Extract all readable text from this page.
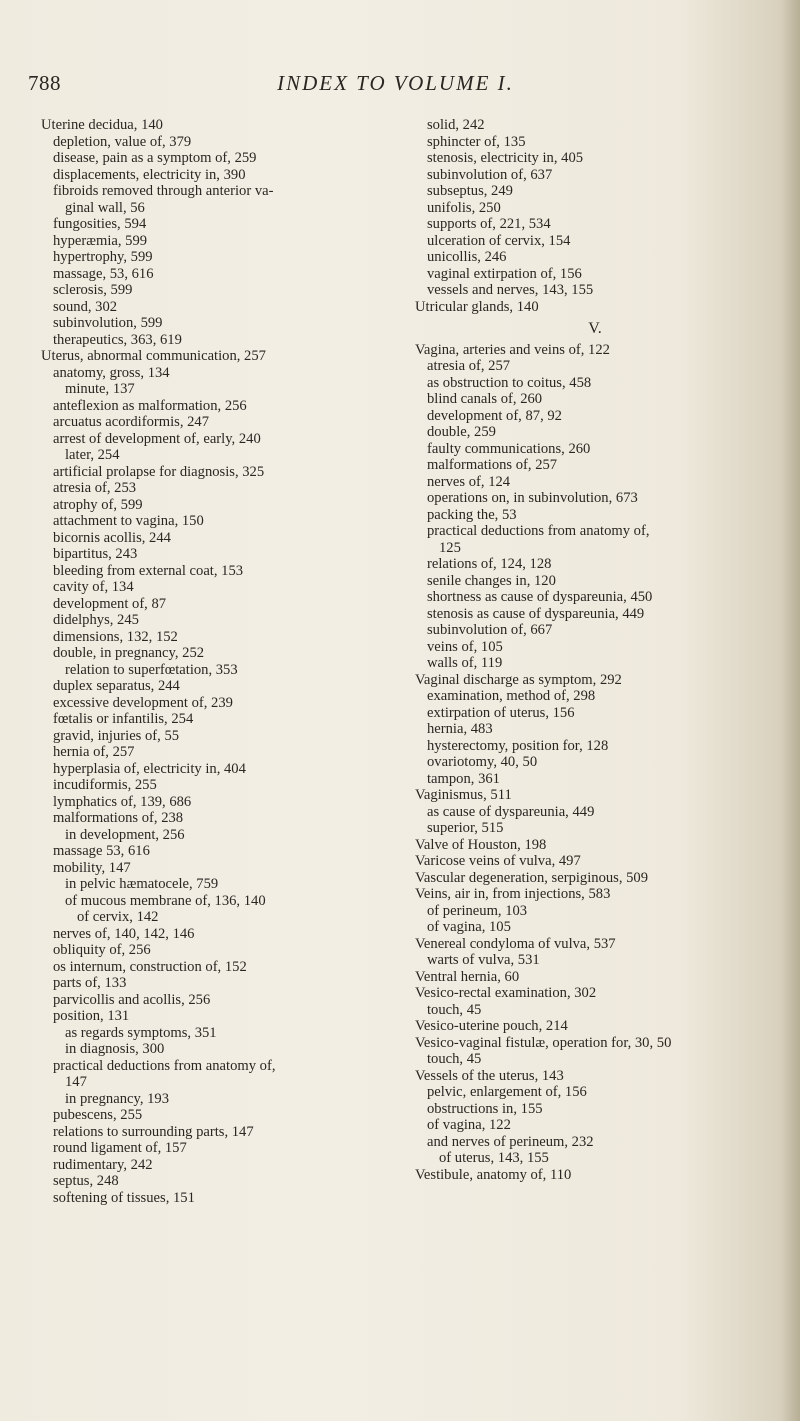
788	INDEX TO VOLUME I.
Uterine decidua, 140
depletion, value of, 379
disease, pain as a symptom of, 259
displacements, electricity in, 390
fibroids removed through anterior va-
ginal wall, 56
fungosities, 594
hyperæmia, 599
hypertrophy, 599
massage, 53, 616
sclerosis, 599
sound, 302
subinvolution, 599
therapeutics, 363, 619
Uterus, abnormal communication, 257
anatomy, gross, 134
minute, 137
anteflexion as malformation, 256
arcuatus acordiformis, 247
arrest of development of, early, 240
later, 254
artificial prolapse for diagnosis, 325
atresia of, 253
atrophy of, 599
attachment to vagina, 150
bicornis acollis, 244
bipartitus, 243
bleeding from external coat, 153
cavity of, 134
development of, 87
didelphys, 245
dimensions, 132, 152
double, in pregnancy, 252
relation to superfœtation, 353
duplex separatus, 244
excessive development of, 239
fœtalis or infantilis, 254
gravid, injuries of, 55
hernia of, 257
hyperplasia of, electricity in, 404
incudiformis, 255
lymphatics of, 139, 686
malformations of, 238
in development, 256
massage 53, 616
mobility, 147
in pelvic hæmatocele, 759
of mucous membrane of, 136, 140
of cervix, 142
nerves of, 140, 142, 146
obliquity of, 256
os internum, construction of, 152
parts of, 133
parvicollis and acollis, 256
position, 131
as regards symptoms, 351
in diagnosis, 300
practical deductions from anatomy of,
147
in pregnancy, 193
pubescens, 255
relations to surrounding parts, 147
round ligament of, 157
rudimentary, 242
septus, 248
softening of tissues, 151
solid, 242
sphincter of, 135
stenosis, electricity in, 405
subinvolution of, 637
subseptus, 249
unifolis, 250
supports of, 221, 534
ulceration of cervix, 154
unicollis, 246
vaginal extirpation of, 156
vessels and nerves, 143, 155
Utricular glands, 140
V.
Vagina, arteries and veins of, 122
atresia of, 257
as obstruction to coitus, 458
blind canals of, 260
development of, 87, 92
double, 259
faulty communications, 260
malformations of, 257
nerves of, 124
operations on, in subinvolution, 673
packing the, 53
practical deductions from anatomy of,
125
relations of, 124, 128
senile changes in, 120
shortness as cause of dyspareunia, 450
stenosis as cause of dyspareunia, 449
subinvolution of, 667
veins of, 105
walls of, 119
Vaginal discharge as symptom, 292
examination, method of, 298
extirpation of uterus, 156
hernia, 483
hysterectomy, position for, 128
ovariotomy, 40, 50
tampon, 361
Vaginismus, 511
as cause of dyspareunia, 449
superior, 515
Valve of Houston, 198
Varicose veins of vulva, 497
Vascular degeneration, serpiginous, 509
Veins, air in, from injections, 583
of perineum, 103
of vagina, 105
Venereal condyloma of vulva, 537
warts of vulva, 531
Ventral hernia, 60
Vesico-rectal examination, 302
touch, 45
Vesico-uterine pouch, 214
Vesico-vaginal fistulæ, operation for, 30, 50
touch, 45
Vessels of the uterus, 143
pelvic, enlargement of, 156
obstructions in, 155
of vagina, 122
and nerves of perineum, 232
of uterus, 143, 155
Vestibule, anatomy of, 110
